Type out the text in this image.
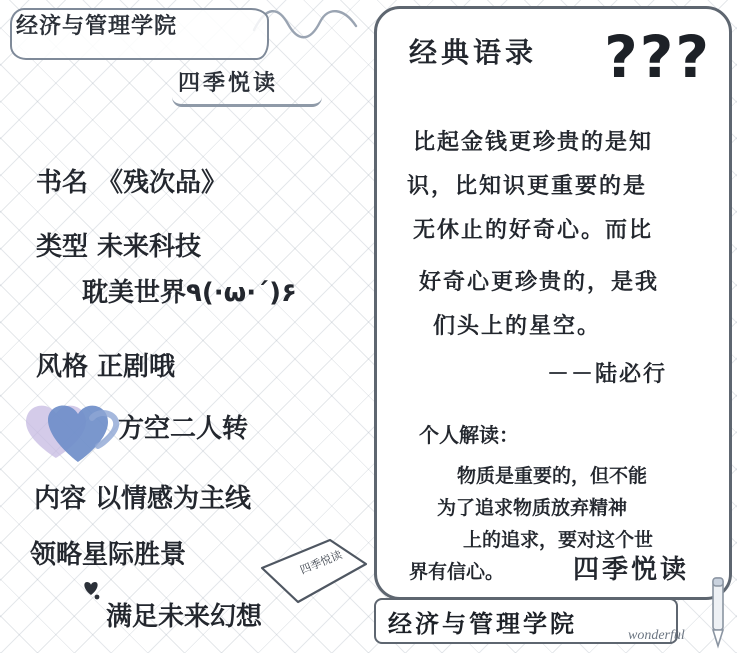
经济与管理学院
四季悦读
书名 《残次品》
类型 未来科技
耽美世界٩(·ω·´)۶
风格 正剧哦
方空二人转
内容 以情感为主线
领略星际胜景
满足未来幻想
四季悦读
经典语录 ???
比起金钱更珍贵的是知
识，比知识更重要的是
无休止的好奇心。而比
好奇心更珍贵的，是我
们头上的星空。
－－陆必行
个人解读：
物质是重要的，但不能
为了追求物质放弃精神
上的追求，要对这个世
界有信心。	四季悦读
经济与管理学院	wonderful
